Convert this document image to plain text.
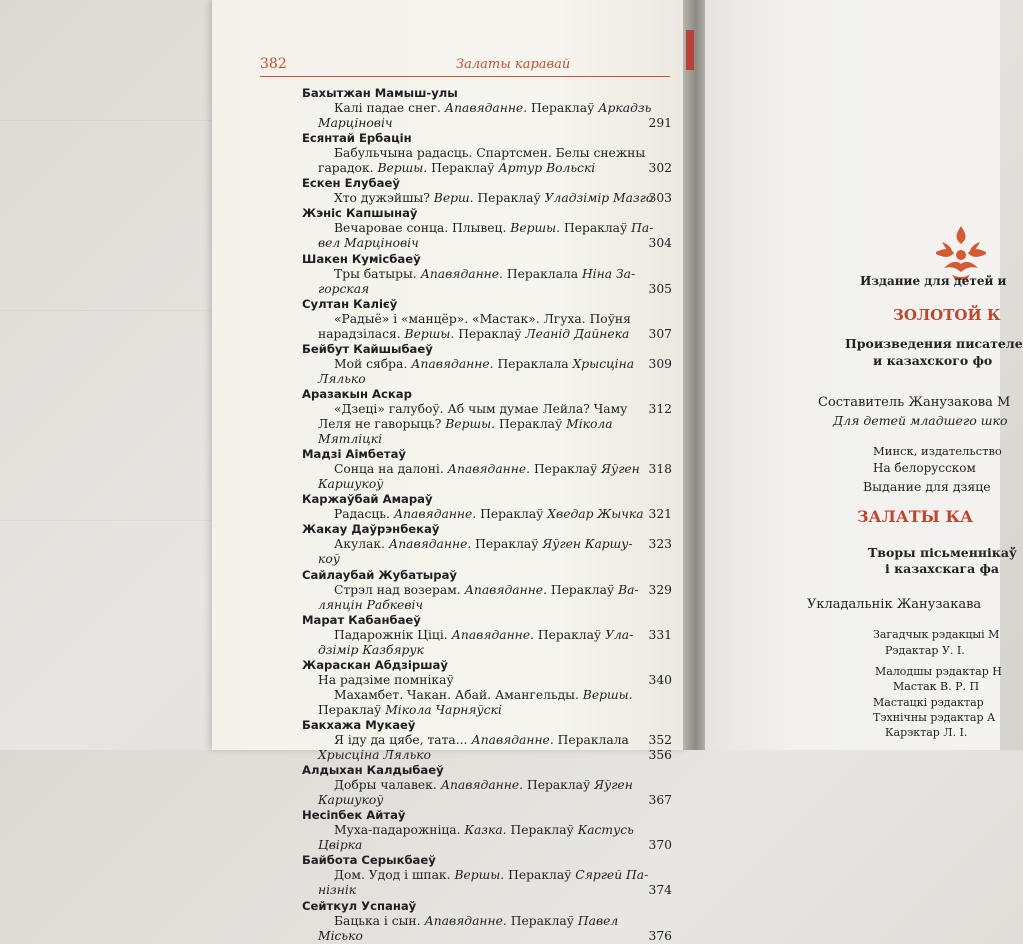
382	Залаты каравай
Бахытжан Мамыш-улы
Калі падае снег. Апавяданне. Пераклаў Аркадзь
Марціновіч	291
Есянтай Ербацін
Бабульчына радасць. Спартсмен. Белы снежны
гарадок. Вершы. Пераклаў Артур Вольскі	302
Ескен Елубаеў
Хто дужэйшы? Верш. Пераклаў Уладзімір Мазго
303
Жэніс Капшынаў
Вечаровае сонца. Плывец. Вершы. Пераклаў Па-
вел Марціновіч	304
Шакен Кумісбаеў
Тры батыры. Апавяданне. Пераклала Ніна За-
горская	305
Султан Калієў
«Радыё» і «манцёр». «Мастак». Лгуха. Поўня
нарадзілася. Вершы. Пераклаў Леанід Дайнека 307
Бейбут Кайшыбаеў
Мой сябра. Апавяданне. Пераклала Хрысціна 309
Лялько
Аразакын Аскар
«Дзеці» галубоў. Аб чым думае Лейла? Чаму 312
Леля не гаворыць? Вершы. Пераклаў Мікола
Мятліцкі
Мадзі Аімбетаў
Сонца на далоні. Апавяданне. Пераклаў Яўген 318
Каршукоў
Каржаўбай Амараў
Радасць. Апавяданне. Пераклаў Хведар Жычка 321
Жакау Даўрэнбекаў
Акулак. Апавяданне. Пераклаў Яўген Каршу- 323
коў
Сайлаубай Жубатыраў
Стрэл над возерам. Апавяданне. Пераклаў Ва- 329
лянцін Рабкевіч
Марат Кабанбаеў
Падарожнік Ціці. Апавяданне. Пераклаў Ула- 331
дзімір Казбярук
Жараскан Абдзіршаў
На радзіме помнікаў	340
Махамбет. Чакан. Абай. Амангельды. Вершы.
Пераклаў Мікола Чарняўскі
Бакхажа Мукаеў
Я іду да цябе, тата... Апавяданне. Пераклала 352
Хрысціна Лялько	356
Алдыхан Калдыбаеў
Добры чалавек. Апавяданне. Пераклаў Яўген
Каршукоў	367
Несіпбек Айтаў
Муха-падарожніца. Казка. Пераклаў Кастусь
Цвірка	370
Байбота Серыкбаеў
Дом. Удод і шпак. Вершы. Пераклаў Сяргей Па-
нізнік	374
Сейткул Успанаў
Бацька і сын. Апавяданне. Пераклаў Павел
Місько	376
Издание для детей и
ЗОЛОТОЙ К
Произведения писателе
и казахского фо
Составитель Жанузакова М
Для детей младшего шко
Минск, издательство
На белорусском
Выдание для дзяце
ЗАЛАТЫ КА
Творы пісьменнікаў
і казахскага фа
Укладальнік Жанузакава
Загадчык рэдакцыі М
Рэдактар У. І.
Малодшы рэдактар Н
Мастак В. Р. П
Мастацкі рэдактар
Тэхнічны рэдактар А
Карэктар Л. І.
